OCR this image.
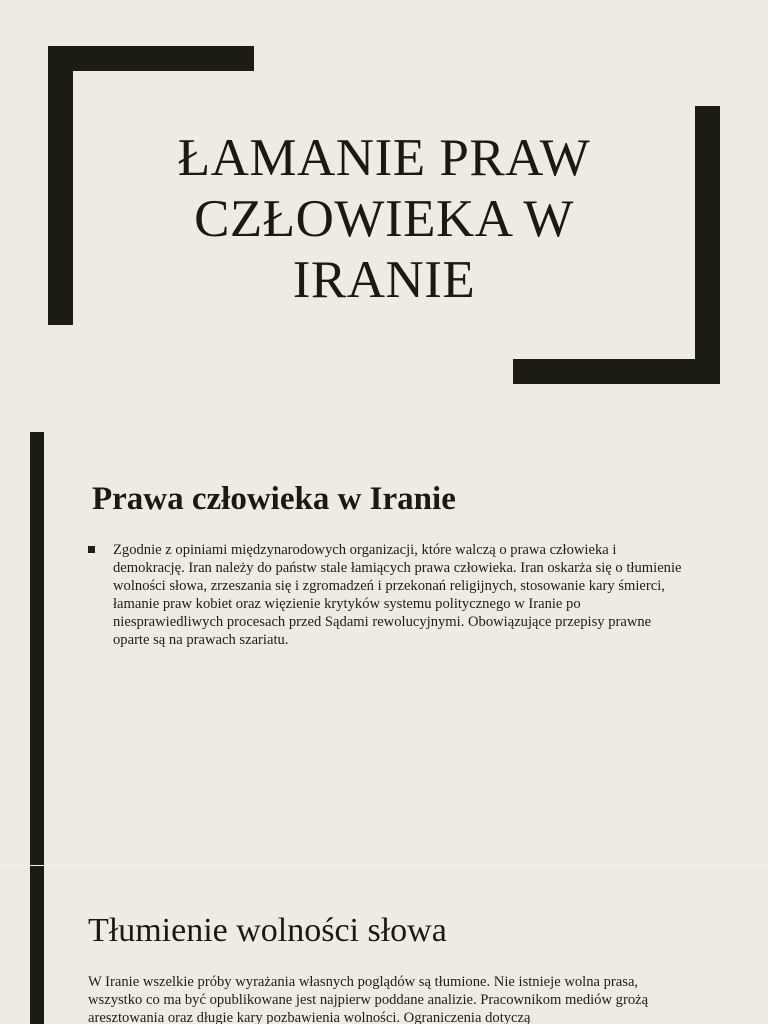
ŁAMANIE PRAW CZŁOWIEKA W IRANIE
Prawa człowieka w Iranie
Zgodnie z opiniami międzynarodowych organizacji, które walczą o prawa człowieka i demokrację. Iran należy do państw stale łamiących prawa człowieka. Iran oskarża się o tłumienie wolności słowa, zrzeszania się i zgromadzeń i przekonań religijnych, stosowanie kary śmierci, łamanie praw kobiet oraz więzienie krytyków systemu politycznego w Iranie po niesprawiedliwych procesach przed Sądami rewolucyjnymi. Obowiązujące przepisy prawne oparte są na prawach szariatu.
Tłumienie wolności słowa

W Iranie wszelkie próby wyrażania własnych poglądów są tłumione. Nie istnieje wolna prasa, wszystko co ma być opublikowane jest najpierw poddane analizie. Pracownikom mediów grożą aresztowania oraz długie kary pozbawienia wolności. Ograniczenia dotyczą
